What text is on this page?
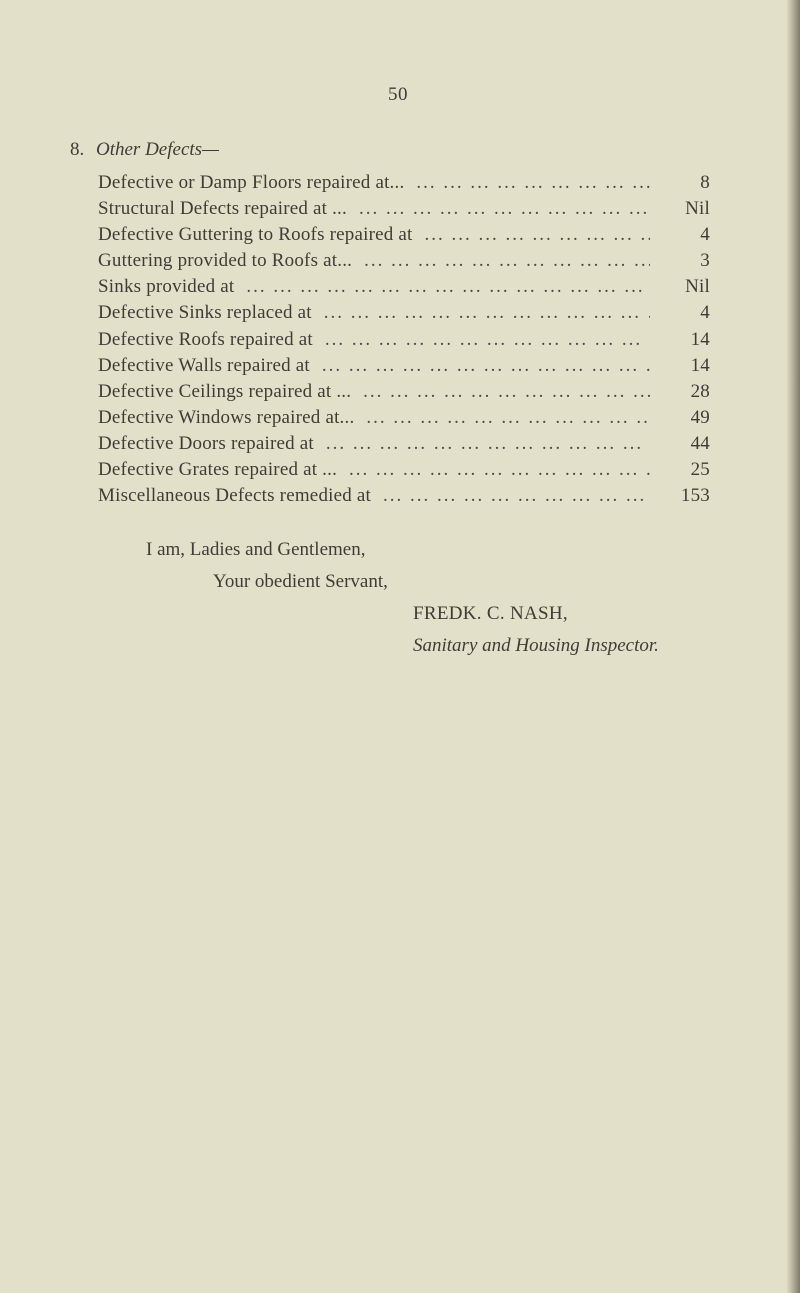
50
8. Other Defects—
Defective or Damp Floors repaired at... ... .	8
Structural Defects repaired at ... ... .	Nil
Defective Guttering to Roofs repaired at ... .	4
Guttering provided to Roofs at... ... .	3
Sinks provided at ... .	Nil
Defective Sinks replaced at ... .	4
Defective Roofs repaired at ... .	14
Defective Walls repaired at ... .	14
Defective Ceilings repaired at ... ... .	28
Defective Windows repaired at... ... .	49
Defective Doors repaired at ... .	44
Defective Grates repaired at ... ... .	25
Miscellaneous Defects remedied at ... .	153
I am, Ladies and Gentlemen,
Your obedient Servant,
FREDK. C. NASH,
Sanitary and Housing Inspector.
